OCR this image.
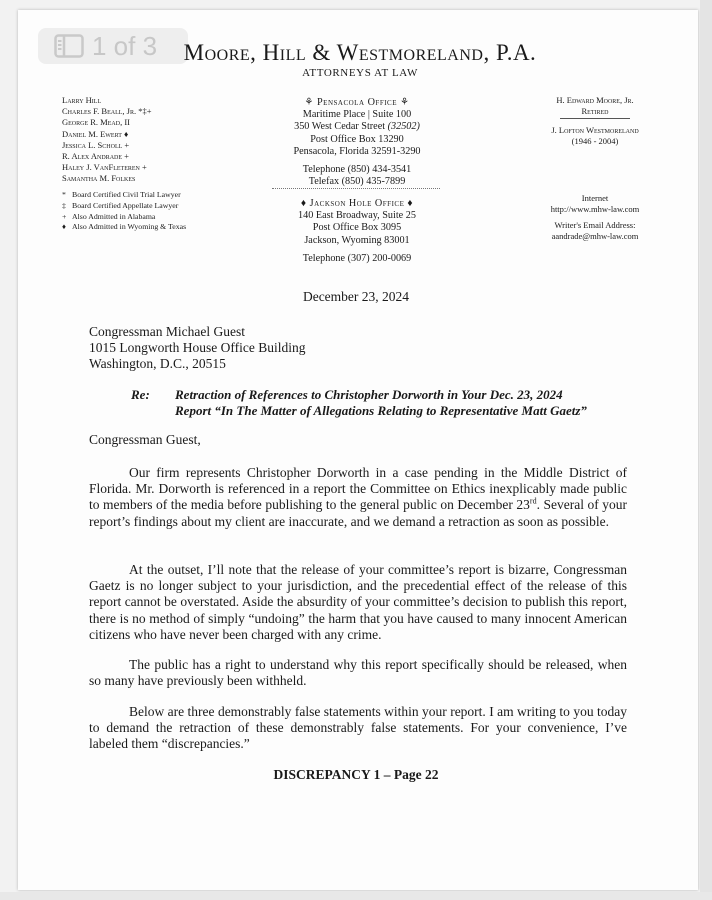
1 of 3	Moore, Hill & Westmoreland, P.A.
ATTORNEYS AT LAW
Larry Hill
Charles F. Beall, Jr. *‡+
George R. Mead, II
Daniel M. Ewert ♦
Jessica L. Scholl +
R. Alex Andrade +
Haley J. VanFleteren +
Samantha M. Folkes
* Board Certified Civil Trial Lawyer
‡ Board Certified Appellate Lawyer
+ Also Admitted in Alabama
♦ Also Admitted in Wyoming & Texas
⚘ Pensacola Office ⚘
Maritime Place | Suite 100
350 West Cedar Street (32502)
Post Office Box 13290
Pensacola, Florida 32591-3290
Telephone (850) 434-3541
Telefax (850) 435-7899
♦ Jackson Hole Office ♦
140 East Broadway, Suite 25
Post Office Box 3095
Jackson, Wyoming 83001
Telephone (307) 200-0069
H. Edward Moore, Jr.
Retired
J. Lofton Westmoreland
(1946 - 2004)
Internet
http://www.mhw-law.com
Writer's Email Address:
aandrade@mhw-law.com
December 23, 2024
Congressman Michael Guest
1015 Longworth House Office Building
Washington, D.C., 20515
Re: Retraction of References to Christopher Dorworth in Your Dec. 23, 2024
Report “In The Matter of Allegations Relating to Representative Matt Gaetz”
Congressman Guest,
Our firm represents Christopher Dorworth in a case pending in the Middle District of Florida. Mr. Dorworth is referenced in a report the Committee on Ethics inexplicably made public to members of the media before publishing to the general public on December 23rd. Several of your report’s findings about my client are inaccurate, and we demand a retraction as soon as possible.
At the outset, I’ll note that the release of your committee’s report is bizarre, Congressman Gaetz is no longer subject to your jurisdiction, and the precedential effect of the release of this report cannot be overstated. Aside the absurdity of your committee’s decision to publish this report, there is no method of simply “undoing” the harm that you have caused to many innocent American citizens who have never been charged with any crime.
The public has a right to understand why this report specifically should be released, when so many have previously been withheld.
Below are three demonstrably false statements within your report. I am writing to you today to demand the retraction of these demonstrably false statements. For your convenience, I’ve labeled them “discrepancies.”
DISCREPANCY 1 – Page 22
